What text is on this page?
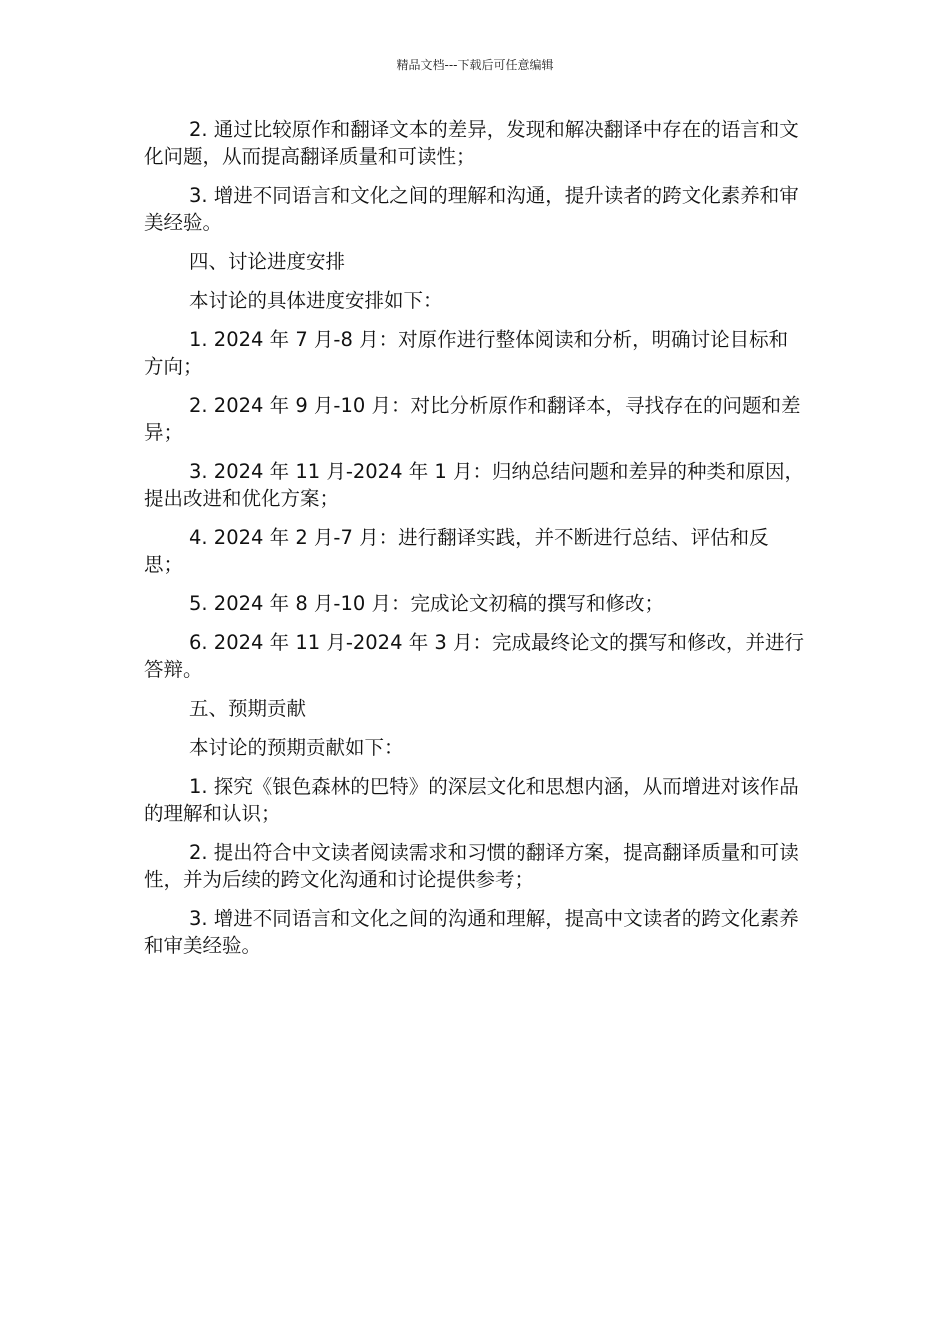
精品文档---下载后可任意编辑

2. 通过比较原作和翻译文本的差异，发现和解决翻译中存在的语言和文化问题，从而提高翻译质量和可读性；

3. 增进不同语言和文化之间的理解和沟通，提升读者的跨文化素养和审美经验。

四、讨论进度安排

本讨论的具体进度安排如下：

1. 2024 年 7 月-8 月：对原作进行整体阅读和分析，明确讨论目标和方向；

2. 2024 年 9 月-10 月：对比分析原作和翻译本，寻找存在的问题和差异；

3. 2024 年 11 月-2024 年 1 月：归纳总结问题和差异的种类和原因，提出改进和优化方案；

4. 2024 年 2 月-7 月：进行翻译实践，并不断进行总结、评估和反思；

5. 2024 年 8 月-10 月：完成论文初稿的撰写和修改；

6. 2024 年 11 月-2024 年 3 月：完成最终论文的撰写和修改，并进行答辩。

五、预期贡献

本讨论的预期贡献如下：

1. 探究《银色森林的巴特》的深层文化和思想内涵，从而增进对该作品的理解和认识；

2. 提出符合中文读者阅读需求和习惯的翻译方案，提高翻译质量和可读性，并为后续的跨文化沟通和讨论提供参考；

3. 增进不同语言和文化之间的沟通和理解，提高中文读者的跨文化素养和审美经验。
